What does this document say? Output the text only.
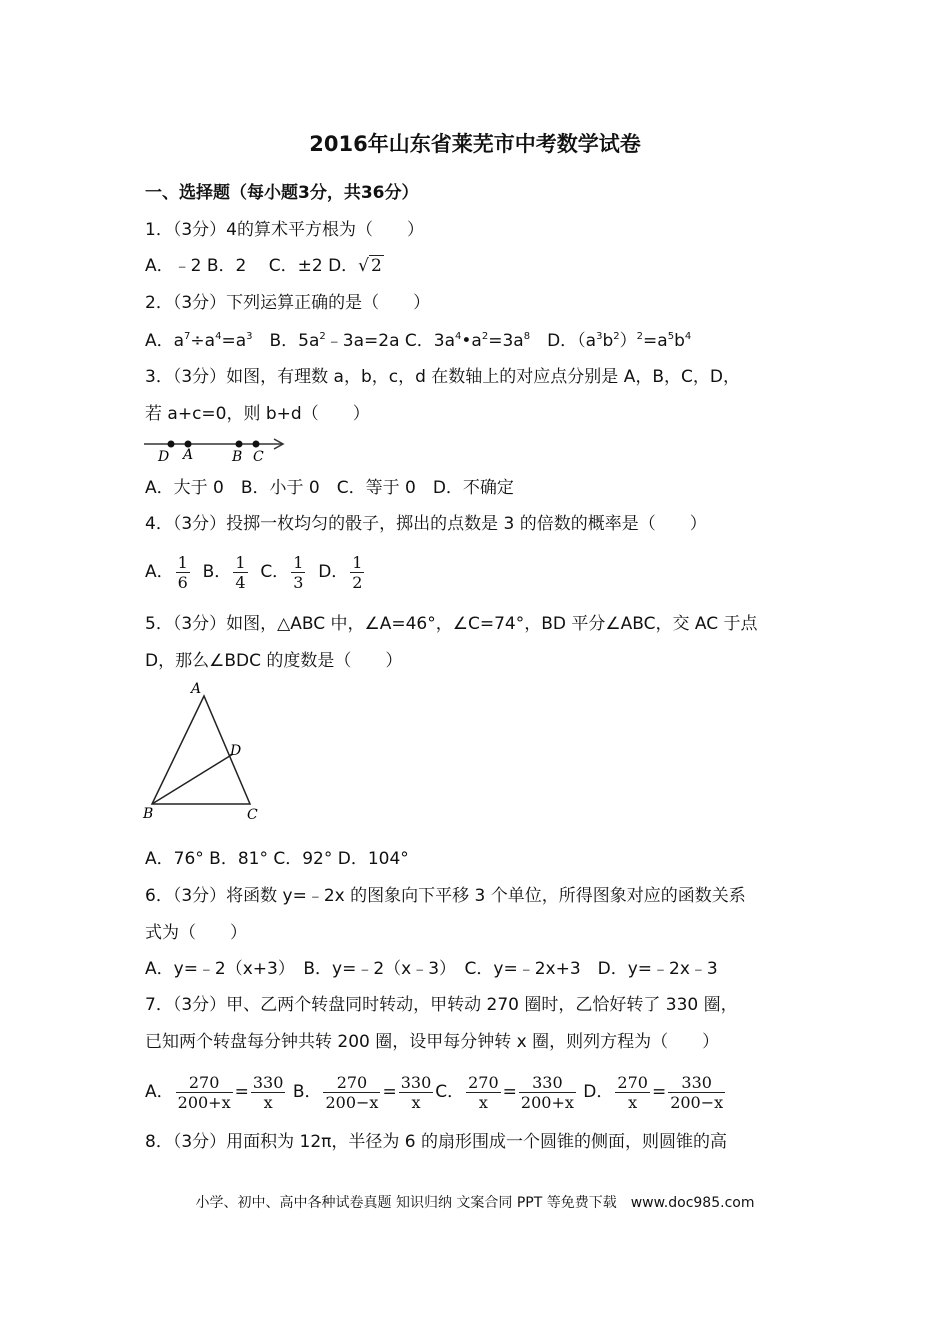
2016年山东省莱芜市中考数学试卷
一、选择题（每小题3分，共36分）
1．（3分）4的算术平方根为（　　）
A．﹣2 B．2　 C．±2 D．√ 2
2．（3分）下列运算正确的是（　　）
A．$a^7\div a^4=a^3$　B．$5a^2﹣3a=2a$ C．$3a^4•a^2=3a^8$　D．$(a^3b^2)^2=a^5b^4$
3．（3分）如图，有理数 a，b，c，d 在数轴上的对应点分别是 A，B，C，D，
若 a+c=0，则 b+d（　　）
D A	B C
A．大于 0　B．小于 0　C．等于 0　D．不确定
4．（3分）投掷一枚均匀的骰子，掷出的点数是 3 的倍数的概率是（　　）
A． $\frac{1}{6}$ B． $\frac{1}{4}$ C． $\frac{1}{3}$ D． $\frac{1}{2}$
5．（3分）如图，△ABC 中，∠A=46°，∠C=74°，BD 平分∠ABC，交 AC 于点
D，那么∠BDC 的度数是（　　）
A
B	C
D
A．76° B．81° C．92° D．104°
6．（3分）将函数 y=﹣2x 的图象向下平移 3 个单位，所得图象对应的函数关系
式为（　　）
A．y=﹣2（x+3）　B．y=﹣2（x﹣3）　C．y=﹣2x+3　D．y=﹣2x﹣3
7．（3分）甲、乙两个转盘同时转动，甲转动 270 圈时，乙恰好转了 330 圈，
已知两个转盘每分钟共转 200 圈，设甲每分钟转 x 圈，则列方程为（　　）
A． $\frac{270}{200+x} = \frac{330}{x}$ B． $\frac{270}{200-x} = \frac{330}{x}$ C． $\frac{270}{x} = \frac{330}{200+x}$ D． $\frac{270}{x} = \frac{330}{200-x}$
8．（3分）用面积为 12π，半径为 6 的扇形围成一个圆锥的侧面，则圆锥的高
小学、初中、高中各种试卷真题 知识归纳 文案合同 PPT 等免费下载　www.doc985.com
